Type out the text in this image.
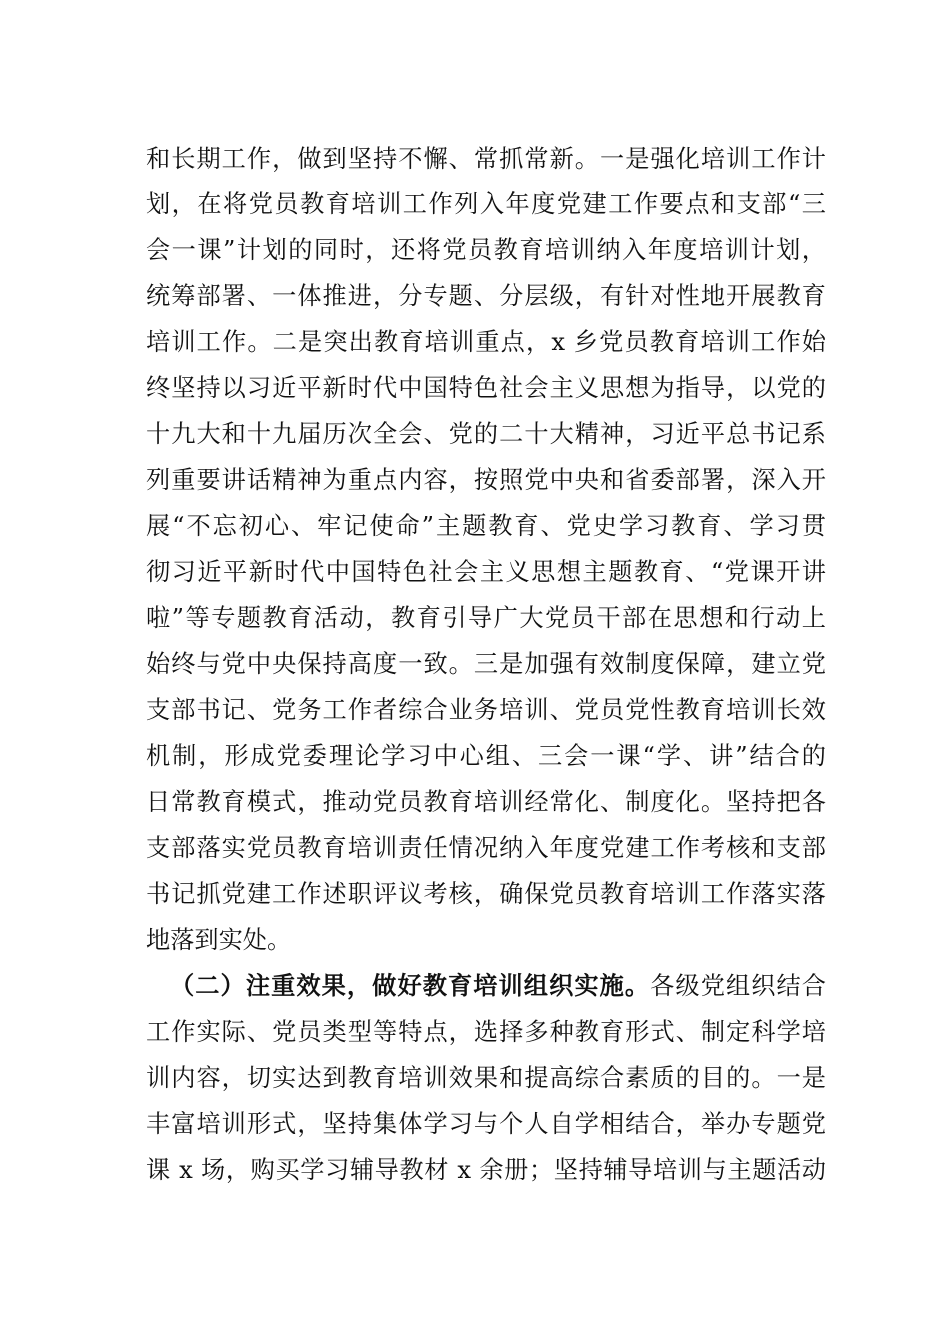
和长期工作，做到坚持不懈、常抓常新。一是强化培训工作计
划，在将党员教育培训工作列入年度党建工作要点和支部“三
会一课”计划的同时，还将党员教育培训纳入年度培训计划，
统筹部署、一体推进，分专题、分层级，有针对性地开展教育
培训工作。二是突出教育培训重点，x 乡党员教育培训工作始
终坚持以习近平新时代中国特色社会主义思想为指导，以党的
十九大和十九届历次全会、党的二十大精神，习近平总书记系
列重要讲话精神为重点内容，按照党中央和省委部署，深入开
展“不忘初心、牢记使命”主题教育、党史学习教育、学习贯
彻习近平新时代中国特色社会主义思想主题教育、“党课开讲
啦”等专题教育活动，教育引导广大党员干部在思想和行动上
始终与党中央保持高度一致。三是加强有效制度保障，建立党
支部书记、党务工作者综合业务培训、党员党性教育培训长效
机制，形成党委理论学习中心组、三会一课“学、讲”结合的
日常教育模式，推动党员教育培训经常化、制度化。坚持把各
支部落实党员教育培训责任情况纳入年度党建工作考核和支部
书记抓党建工作述职评议考核，确保党员教育培训工作落实落
地落到实处。
（二）注重效果，做好教育培训组织实施。各级党组织结合
工作实际、党员类型等特点，选择多种教育形式、制定科学培
训内容，切实达到教育培训效果和提高综合素质的目的。一是
丰富培训形式，坚持集体学习与个人自学相结合，举办专题党
课 x 场，购买学习辅导教材 x 余册；坚持辅导培训与主题活动
